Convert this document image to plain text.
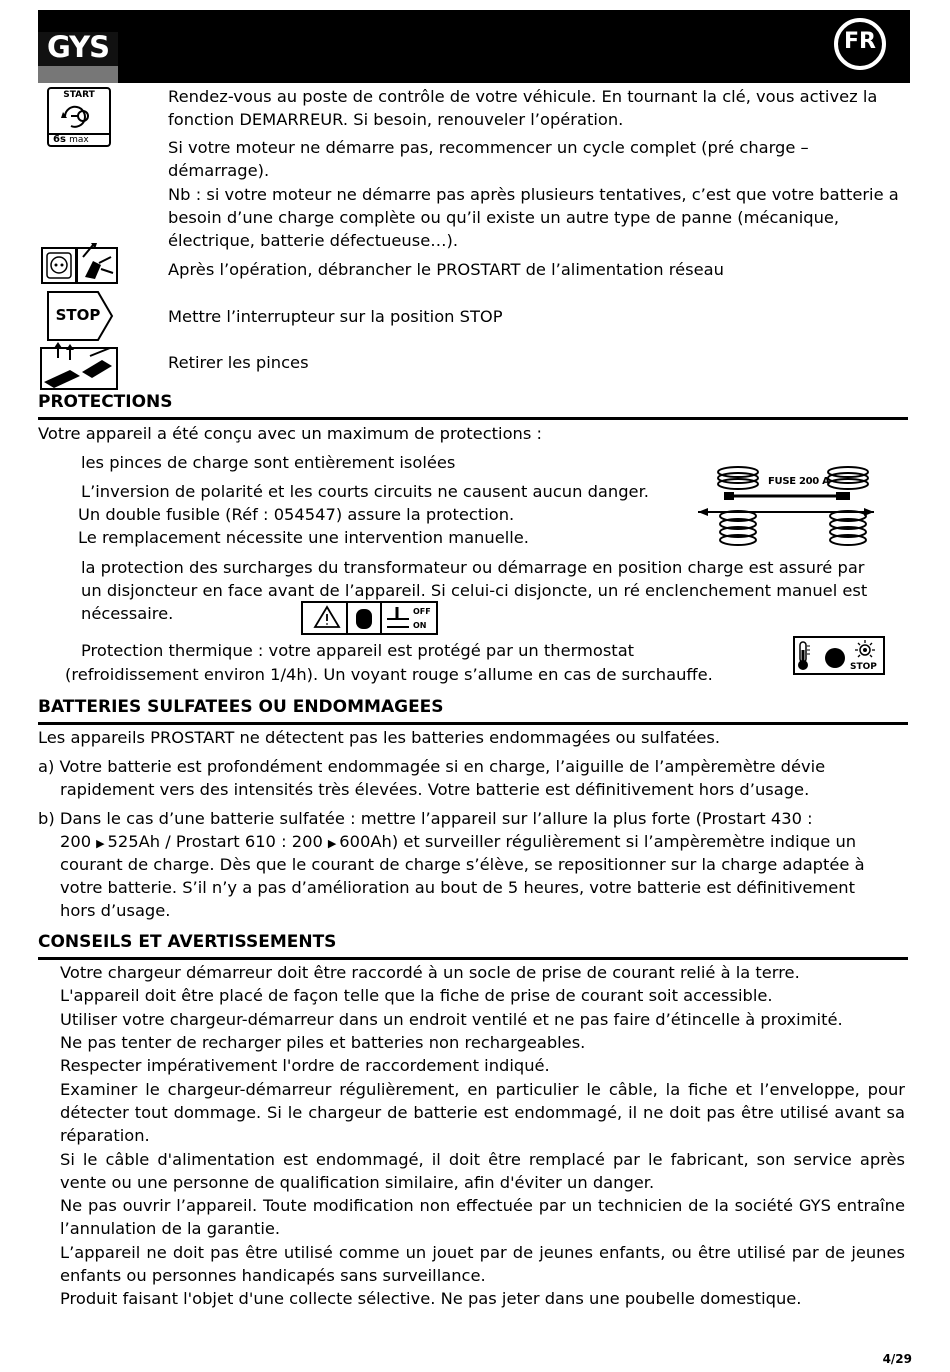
GYS	FR
START
6s max
Rendez-vous au poste de contrôle de votre véhicule. En tournant la clé, vous activez la fonction DEMARREUR. Si besoin, renouveler l’opération.
Si votre moteur ne démarre pas, recommencer un cycle complet (pré charge –
démarrage).
Nb : si votre moteur ne démarre pas après plusieurs tentatives, c’est que votre batterie a besoin d’une charge complète ou qu’il existe un autre type de panne (mécanique, électrique, batterie défectueuse…).
Après l’opération, débrancher le PROSTART de l’alimentation réseau
STOP	Mettre l’interrupteur sur la position STOP
Retirer les pinces
PROTECTIONS
Votre appareil a été conçu avec un maximum de protections :
les pinces de charge sont entièrement isolées
L’inversion de polarité et les courts circuits ne causent aucun danger.
Un double fusible (Réf : 054547) assure la protection.
Le remplacement nécessite une intervention manuelle.
FUSE 200 A
la protection des surcharges du transformateur ou démarrage en position charge est assuré par
un disjoncteur en face avant de l’appareil. Si celui-ci disjoncte, un ré enclenchement manuel est
nécessaire.	OFF
ON
Protection thermique : votre appareil est protégé par un thermostat
(refroidissement environ 1/4h). Un voyant rouge s’allume en cas de surchauffe.	STOP
BATTERIES SULFATEES OU ENDOMMAGEES
Les appareils PROSTART ne détectent pas les batteries endommagées ou sulfatées.
a) Votre batterie est profondément endommagée si en charge, l’aiguille de l’ampèremètre dévie
rapidement vers des intensités très élevées. Votre batterie est définitivement hors d’usage.
b) Dans le cas d’une batterie sulfatée : mettre l’appareil sur l’allure la plus forte (Prostart 430 :
200 ▶ 525Ah / Prostart 610 : 200 ▶ 600Ah) et surveiller régulièrement si l’ampèremètre indique un
courant de charge. Dès que le courant de charge s’élève, se repositionner sur la charge adaptée à
votre batterie. S’il n’y a pas d’amélioration au bout de 5 heures, votre batterie est définitivement
hors d’usage.
CONSEILS ET AVERTISSEMENTS
Votre chargeur démarreur doit être raccordé à un socle de prise de courant relié à la terre.
L'appareil doit être placé de façon telle que la fiche de prise de courant soit accessible.
Utiliser votre chargeur-démarreur dans un endroit ventilé et ne pas faire d’étincelle à proximité.
Ne pas tenter de recharger piles et batteries non rechargeables.
Respecter impérativement l'ordre de raccordement indiqué.
Examiner le chargeur-démarreur régulièrement, en particulier le câble, la fiche et l’enveloppe, pour détecter tout dommage. Si le chargeur de batterie est endommagé, il ne doit pas être utilisé avant sa réparation.
Si le câble d'alimentation est endommagé, il doit être remplacé par le fabricant, son service après vente ou une personne de qualification similaire, afin d'éviter un danger.
Ne pas ouvrir l’appareil. Toute modification non effectuée par un technicien de la société GYS entraîne l’annulation de la garantie.
L’appareil ne doit pas être utilisé comme un jouet par de jeunes enfants, ou être utilisé par de jeunes enfants ou personnes handicapés sans surveillance.
Produit faisant l'objet d'une collecte sélective. Ne pas jeter dans une poubelle domestique.
4/29
